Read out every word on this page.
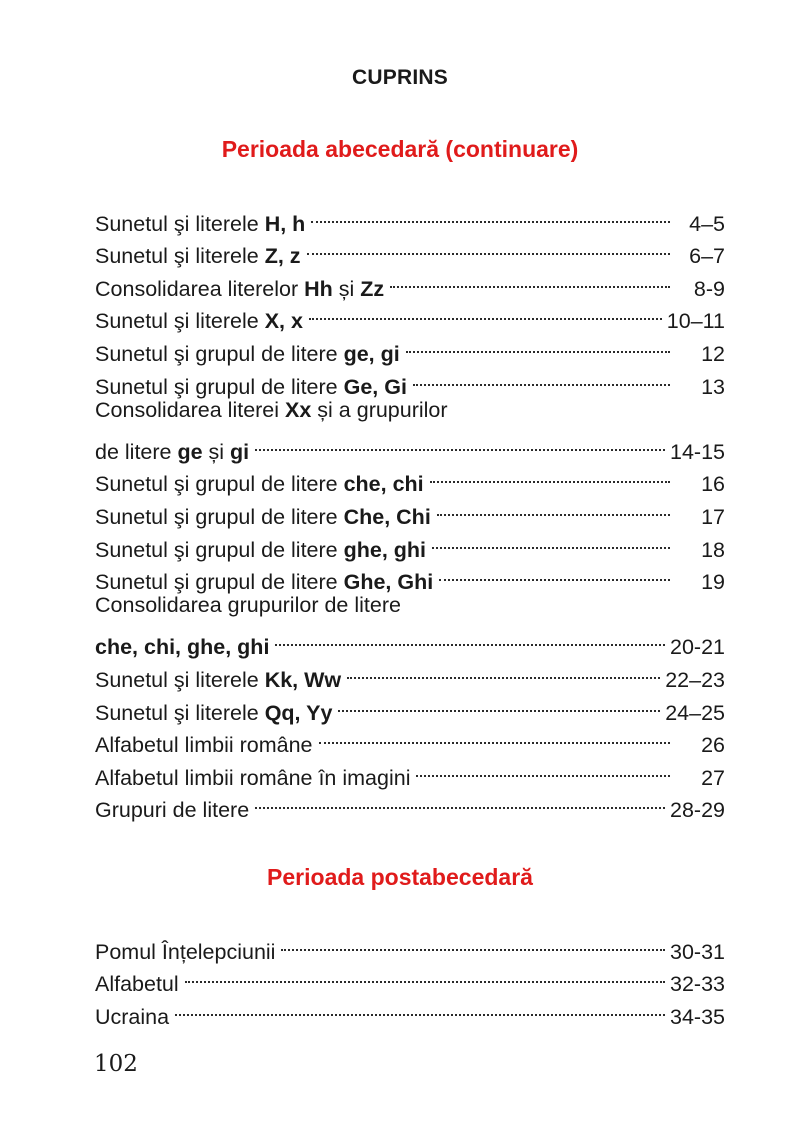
CUPRINS
Perioada abecedară (continuare)
Sunetul şi literele H, h	4–5
Sunetul şi literele Z, z	6–7
Consolidarea literelor Hh și Zz	8-9
Sunetul şi literele X, x	10–11
Sunetul şi grupul de litere ge, gi	12
Sunetul şi grupul de litere Ge, Gi	13
Consolidarea literei Xx și a grupurilor
de litere ge și gi	14-15
Sunetul şi grupul de litere che, chi	16
Sunetul şi grupul de litere Che, Chi	17
Sunetul şi grupul de litere ghe, ghi	18
Sunetul şi grupul de litere Ghe, Ghi	19
Consolidarea grupurilor de litere
che, chi, ghe, ghi	20-21
Sunetul şi literele Kk, Ww	22–23
Sunetul şi literele Qq, Yy	24–25
Alfabetul limbii române	26
Alfabetul limbii române în imagini	27
Grupuri de litere	28-29
Perioada postabecedară
Pomul Înțelepciunii	30-31
Alfabetul	32-33
Ucraina	34-35
102
